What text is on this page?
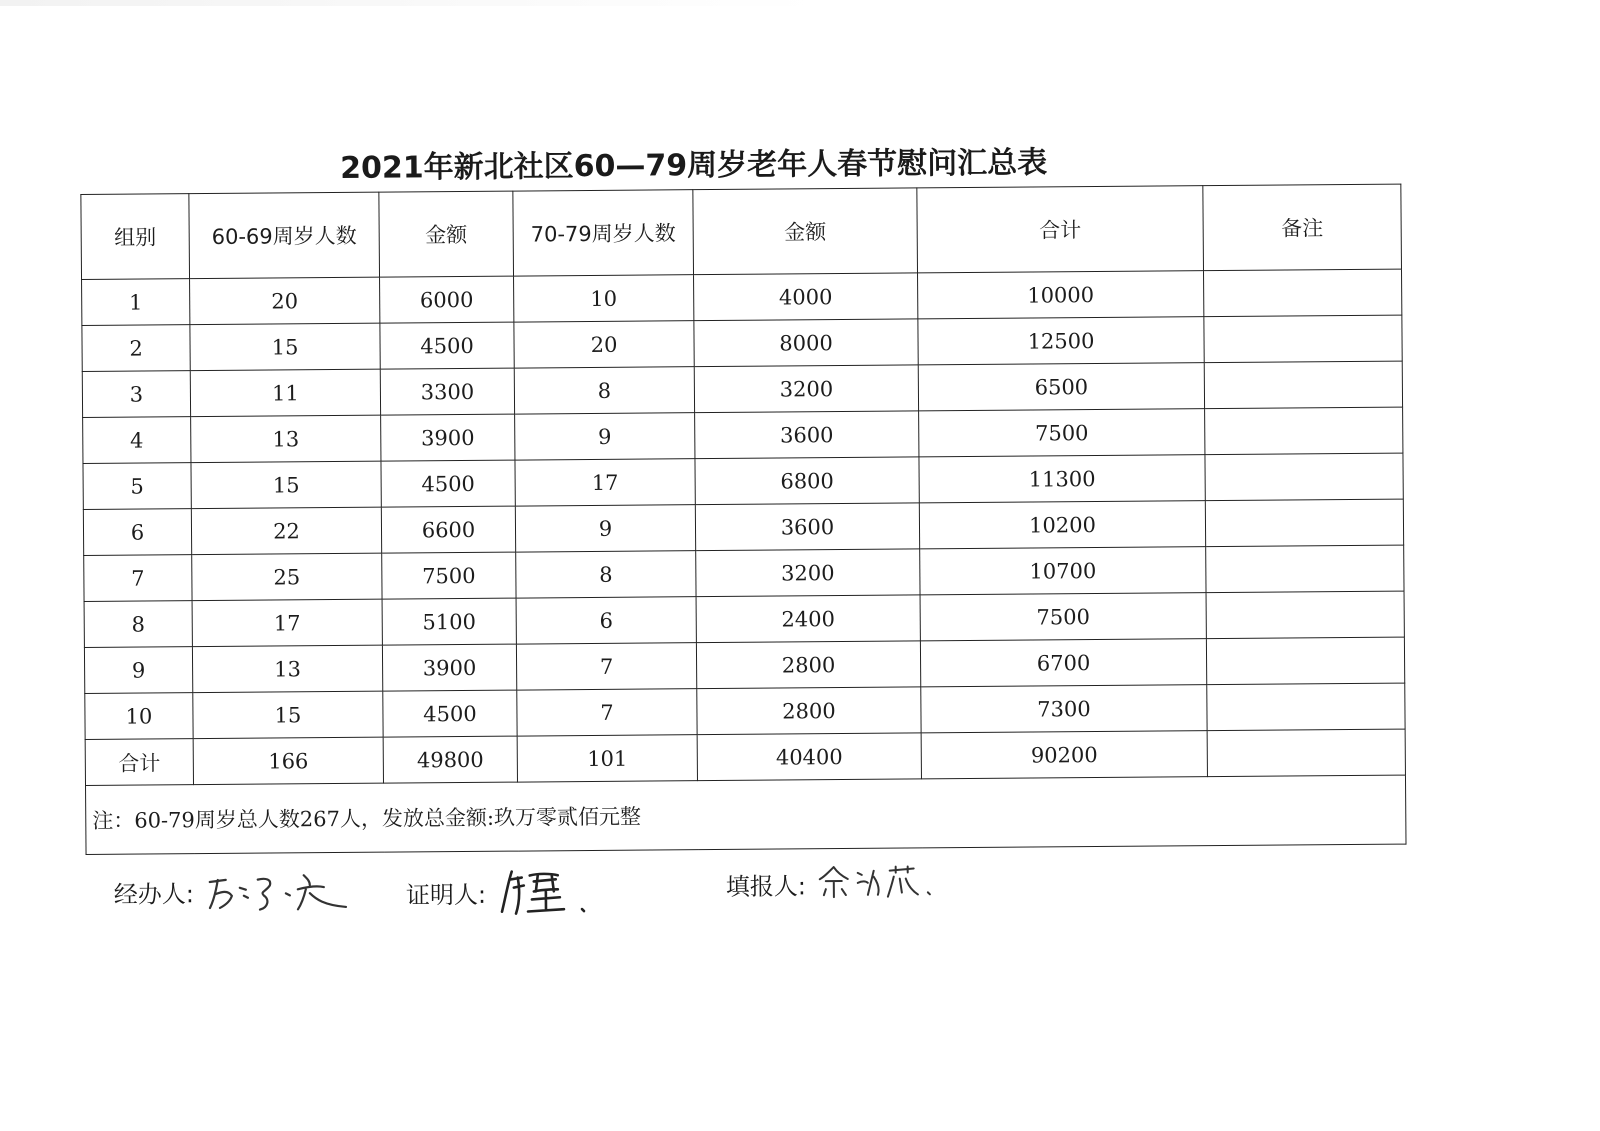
2021年新北社区60—79周岁老年人春节慰问汇总表
组别	60-69周岁人数	金额	70-79周岁人数	金额	合计	备注
1	20	6000	10	4000	10000	
2	15	4500	20	8000	12500	
3	11	3300	8	3200	6500	
4	13	3900	9	3600	7500	
5	15	4500	17	6800	11300	
6	22	6600	9	3600	10200	
7	25	7500	8	3200	10700	
8	17	5100	6	2400	7500	
9	13	3900	7	2800	6700	
10	15	4500	7	2800	7300	
合计	166	49800	101	40400	90200	
注：60-79周岁总人数267人，发放总金额:玖万零贰佰元整						
经办人:	证明人:	填报人:
